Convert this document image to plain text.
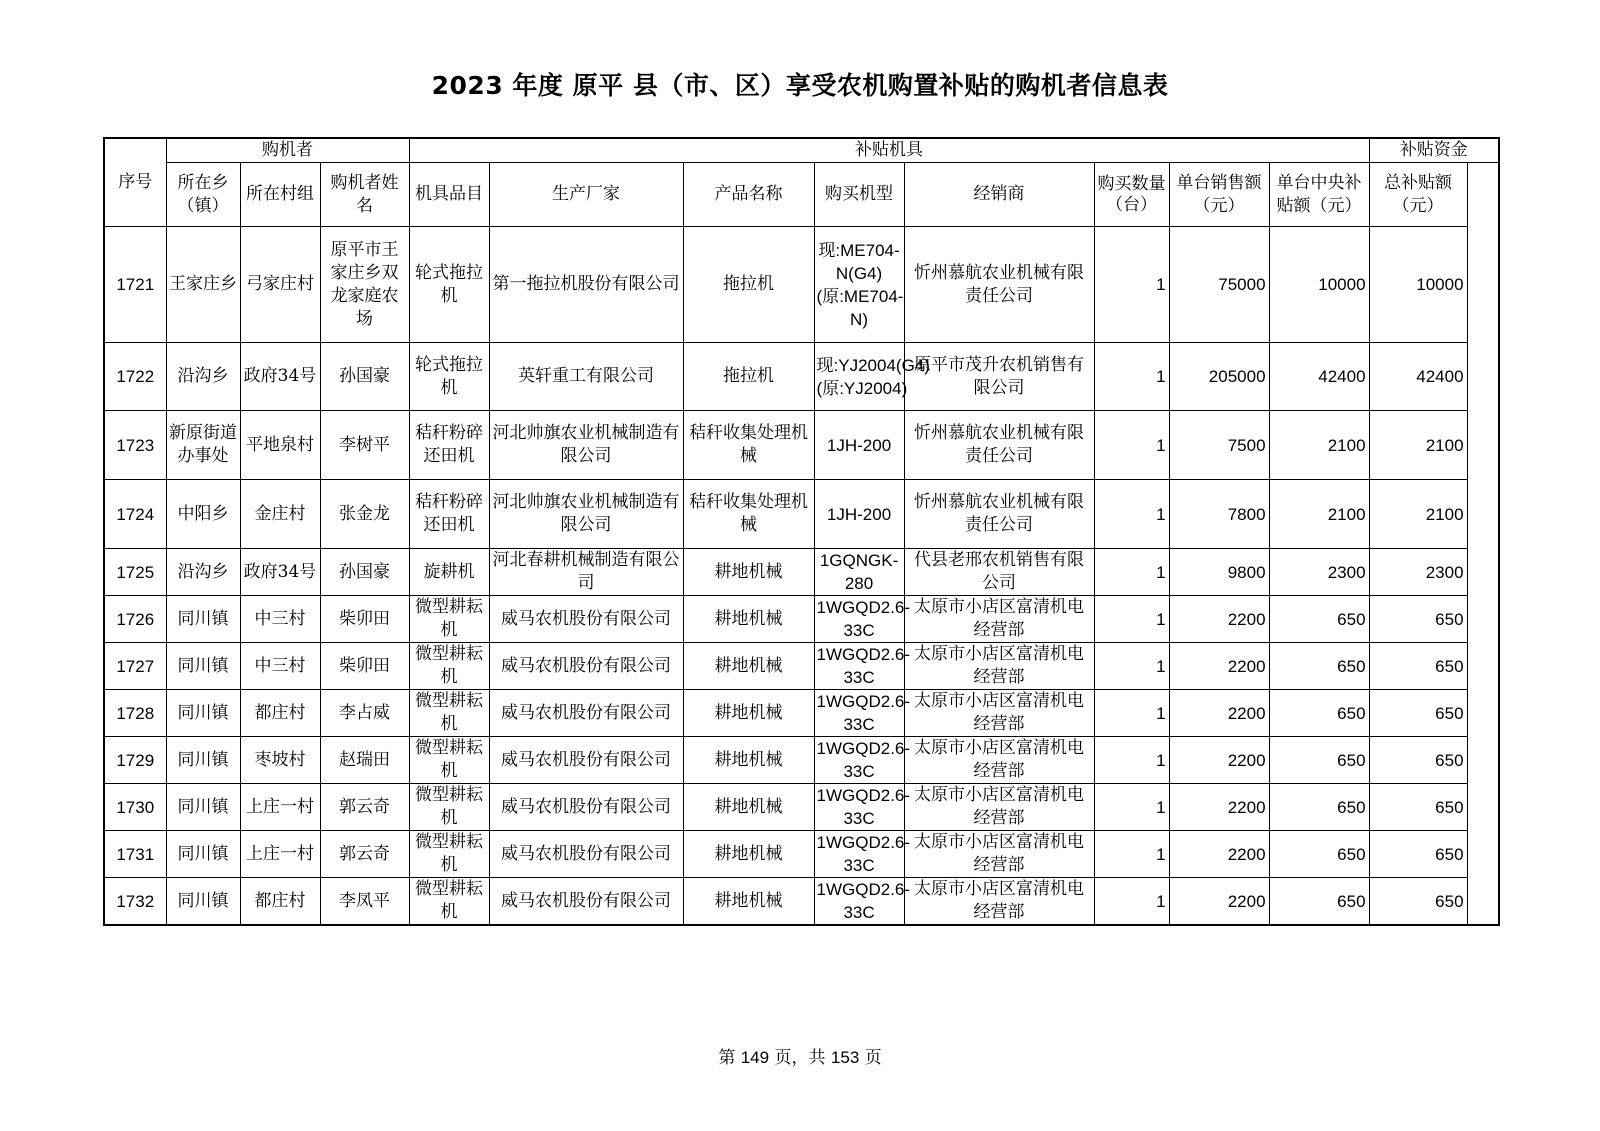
2023 年度 原平 县（市、区）享受农机购置补贴的购机者信息表
序号	购机者			补贴机具								补贴资金
	所在乡（镇）	所在村组	购机者姓名	机具品目	生产厂家	产品名称	购买机型	经销商	购买数量（台）	单台销售额（元）	单台中央补贴额（元）	总补贴额（元）
1721	王家庄乡	弓家庄村	原平市王家庄乡双龙家庭农场	轮式拖拉机	第一拖拉机股份有限公司	拖拉机	现:ME704-N(G4)(原:ME704-N)	忻州慕航农业机械有限责任公司	1	75000	10000	10000
1722	沿沟乡	政府34号	孙国豪	轮式拖拉机	英轩重工有限公司	拖拉机	现:YJ2004(G4)(原:YJ2004)	原平市茂升农机销售有限公司	1	205000	42400	42400
1723	新原街道办事处	平地泉村	李树平	秸秆粉碎还田机	河北帅旗农业机械制造有限公司	秸秆收集处理机械	1JH-200	忻州慕航农业机械有限责任公司	1	7500	2100	2100
1724	中阳乡	金庄村	张金龙	秸秆粉碎还田机	河北帅旗农业机械制造有限公司	秸秆收集处理机械	1JH-200	忻州慕航农业机械有限责任公司	1	7800	2100	2100
1725	沿沟乡	政府34号	孙国豪	旋耕机	河北春耕机械制造有限公司	耕地机械	1GQNGK-280	代县老邢农机销售有限公司	1	9800	2300	2300
1726	同川镇	中三村	柴卯田	微型耕耘机	威马农机股份有限公司	耕地机械	1WGQD2.6-33C	太原市小店区富清机电经营部	1	2200	650	650
1727	同川镇	中三村	柴卯田	微型耕耘机	威马农机股份有限公司	耕地机械	1WGQD2.6-33C	太原市小店区富清机电经营部	1	2200	650	650
1728	同川镇	都庄村	李占威	微型耕耘机	威马农机股份有限公司	耕地机械	1WGQD2.6-33C	太原市小店区富清机电经营部	1	2200	650	650
1729	同川镇	枣坡村	赵瑞田	微型耕耘机	威马农机股份有限公司	耕地机械	1WGQD2.6-33C	太原市小店区富清机电经营部	1	2200	650	650
1730	同川镇	上庄一村	郭云奇	微型耕耘机	威马农机股份有限公司	耕地机械	1WGQD2.6-33C	太原市小店区富清机电经营部	1	2200	650	650
1731	同川镇	上庄一村	郭云奇	微型耕耘机	威马农机股份有限公司	耕地机械	1WGQD2.6-33C	太原市小店区富清机电经营部	1	2200	650	650
1732	同川镇	都庄村	李凤平	微型耕耘机	威马农机股份有限公司	耕地机械	1WGQD2.6-33C	太原市小店区富清机电经营部	1	2200	650	650
第 149 页，共 153 页
